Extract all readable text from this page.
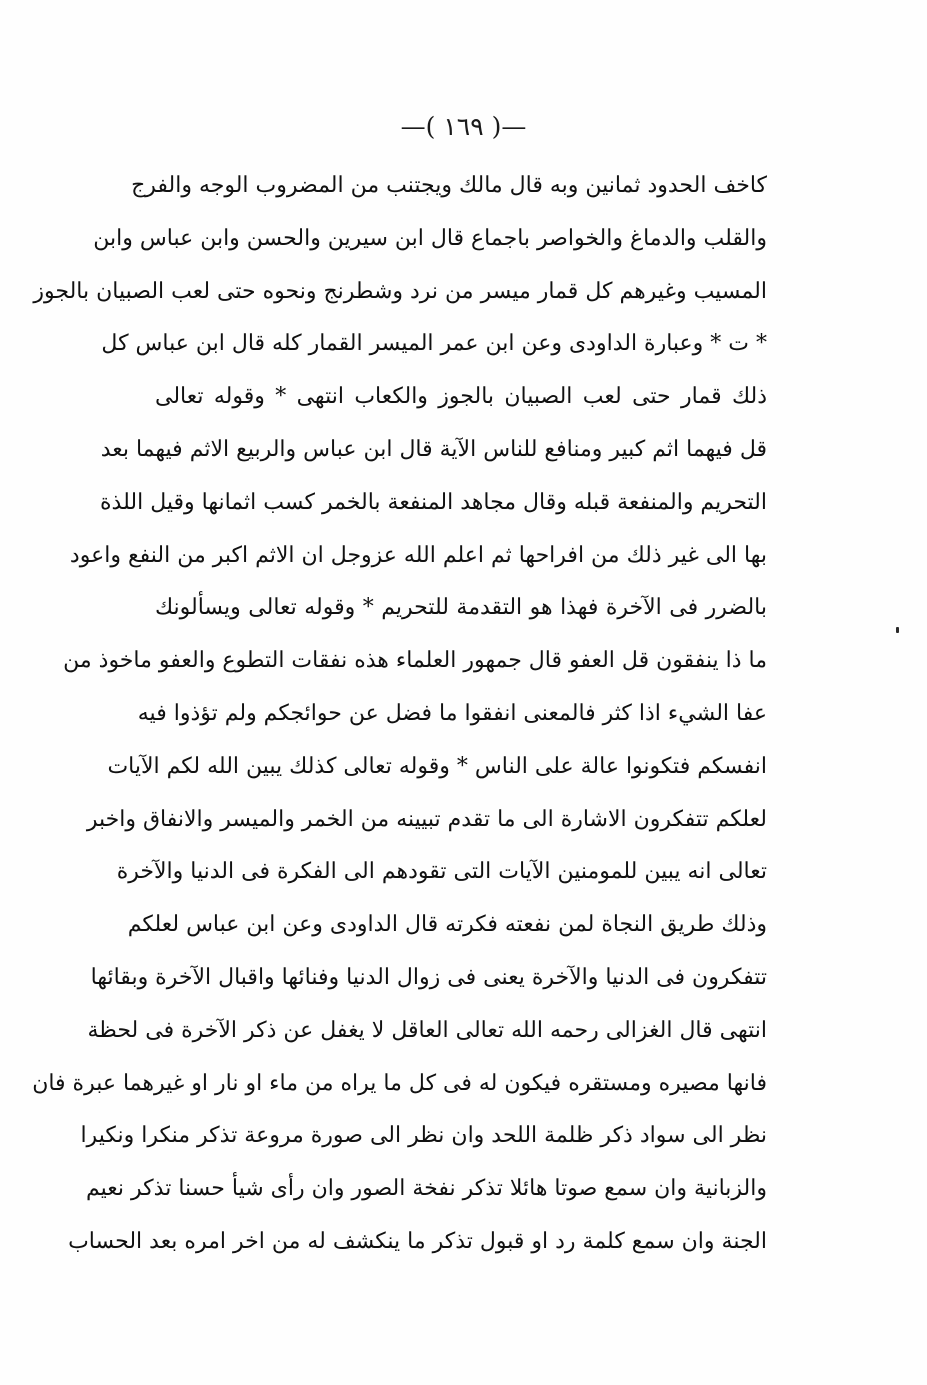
—( ١٦٩ )—
كاخف الحدود ثمانين وبه قال مالك ويجتنب من المضروب الوجه والفرج
والقلب والدماغ والخواصر باجماع قال ابن سيرين والحسن وابن عباس وابن
المسيب وغيرهم كل قمار ميسر من نرد وشطرنج ونحوه حتى لعب الصبيان بالجوز
* ت * وعبارة الداودى وعن ابن عمر الميسر القمار كله قال ابن عباس كل
ذلك قمار حتى لعب الصبيان بالجوز والكعاب انتهى * وقوله تعالى
قل فيهما اثم كبير ومنافع للناس الآية قال ابن عباس والربيع الاثم فيهما بعد
التحريم والمنفعة قبله وقال مجاهد المنفعة بالخمر كسب اثمانها وقيل اللذة
بها الى غير ذلك من افراحها ثم اعلم الله عزوجل ان الاثم اكبر من النفع واعود
بالضرر فى الآخرة فهذا هو التقدمة للتحريم * وقوله تعالى ويسألونك
ما ذا ينفقون قل العفو قال جمهور العلماء هذه نفقات التطوع والعفو ماخوذ من
عفا الشيء اذا كثر فالمعنى انفقوا ما فضل عن حوائجكم ولم تؤذوا فيه
انفسكم فتكونوا عالة على الناس * وقوله تعالى كذلك يبين الله لكم الآيات
لعلكم تتفكرون الاشارة الى ما تقدم تبيينه من الخمر والميسر والانفاق واخبر
تعالى انه يبين للمومنين الآيات التى تقودهم الى الفكرة فى الدنيا والآخرة
وذلك طريق النجاة لمن نفعته فكرته قال الداودى وعن ابن عباس لعلكم
تتفكرون فى الدنيا والآخرة يعنى فى زوال الدنيا وفنائها واقبال الآخرة وبقائها
انتهى قال الغزالى رحمه الله تعالى العاقل لا يغفل عن ذكر الآخرة فى لحظة
فانها مصيره ومستقره فيكون له فى كل ما يراه من ماء او نار او غيرهما عبرة فان
نظر الى سواد ذكر ظلمة اللحد وان نظر الى صورة مروعة تذكر منكرا ونكيرا
والزبانية وان سمع صوتا هائلا تذكر نفخة الصور وان رأى شيأ حسنا تذكر نعيم
الجنة وان سمع كلمة رد او قبول تذكر ما ينكشف له من اخر امره بعد الحساب
